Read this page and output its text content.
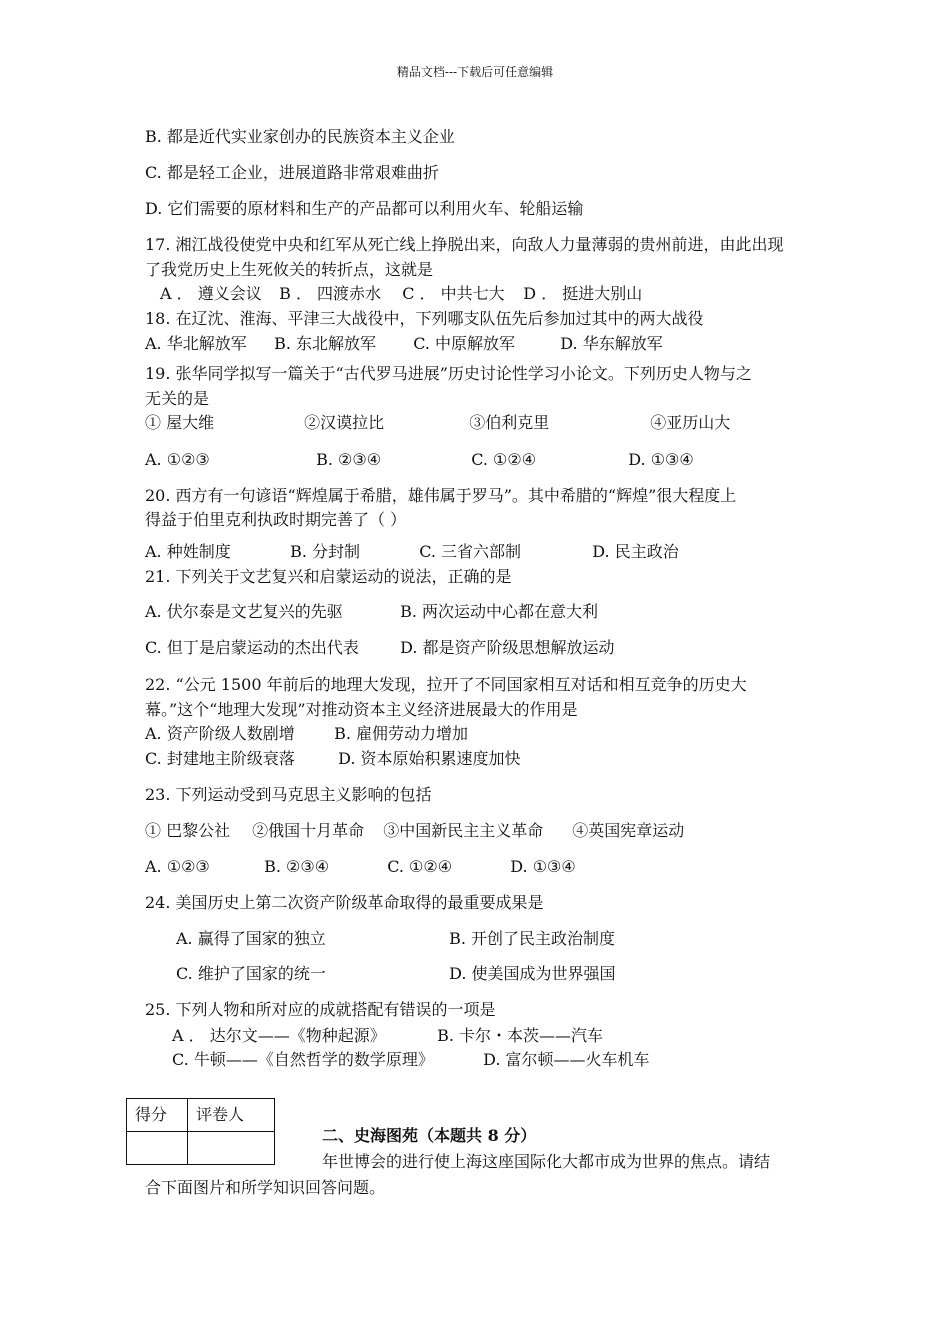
精品文档---下载后可任意编辑
B. 都是近代实业家创办的民族资本主义企业
C. 都是轻工企业，进展道路非常艰难曲折
D. 它们需要的原材料和生产的产品都可以利用火车、轮船运输
17. 湘江战役使党中央和红军从死亡线上挣脱出来，向敌人力量薄弱的贵州前进，由此出现
了我党历史上生死攸关的转折点，这就是
A ． 遵义会议 B ． 四渡赤水 C ． 中共七大 D ． 挺进大别山
18. 在辽沈、淮海、平津三大战役中，下列哪支队伍先后参加过其中的两大战役
A. 华北解放军 B. 东北解放军 C. 中原解放军	D. 华东解放军
19. 张华同学拟写一篇关于“古代罗马进展”历史讨论性学习小论文。下列历史人物与之
无关的是
① 屋大维	②汉谟拉比	③伯利克里	④亚历山大
A. ①②③	B. ②③④	C. ①②④	D. ①③④
20. 西方有一句谚语“辉煌属于希腊，雄伟属于罗马”。其中希腊的“辉煌”很大程度上
得益于伯里克利执政时期完善了（ ）
A. 种姓制度	B. 分封制	C. 三省六部制	D. 民主政治
21. 下列关于文艺复兴和启蒙运动的说法，正确的是
A. 伏尔泰是文艺复兴的先驱	B. 两次运动中心都在意大利
C. 但丁是启蒙运动的杰出代表	D. 都是资产阶级思想解放运动
22. “公元 1500 年前后的地理大发现，拉开了不同国家相互对话和相互竞争的历史大
幕。”这个“地理大发现”对推动资本主义经济进展最大的作用是
A. 资产阶级人数剧增 B. 雇佣劳动力增加
C. 封建地主阶级衰落	D. 资本原始积累速度加快
23. 下列运动受到马克思主义影响的包括
① 巴黎公社 ②俄国十月革命 ③中国新民主主义革命 ④英国宪章运动
A. ①②③	B. ②③④	C. ①②④	D. ①③④
24. 美国历史上第二次资产阶级革命取得的最重要成果是
A. 赢得了国家的独立	B. 开创了民主政治制度
C. 维护了国家的统一	D. 使美国成为世界强国
25. 下列人物和所对应的成就搭配有错误的一项是
A ． 达尔文——《物种起源》	B. 卡尔・本茨——汽车
C. 牛顿——《自然哲学的数学原理》	D. 富尔顿——火车机车
得分	评卷人

二、史海图苑（本题共 8 分）
年世博会的进行使上海这座国际化大都市成为世界的焦点。请结
合下面图片和所学知识回答问题。
